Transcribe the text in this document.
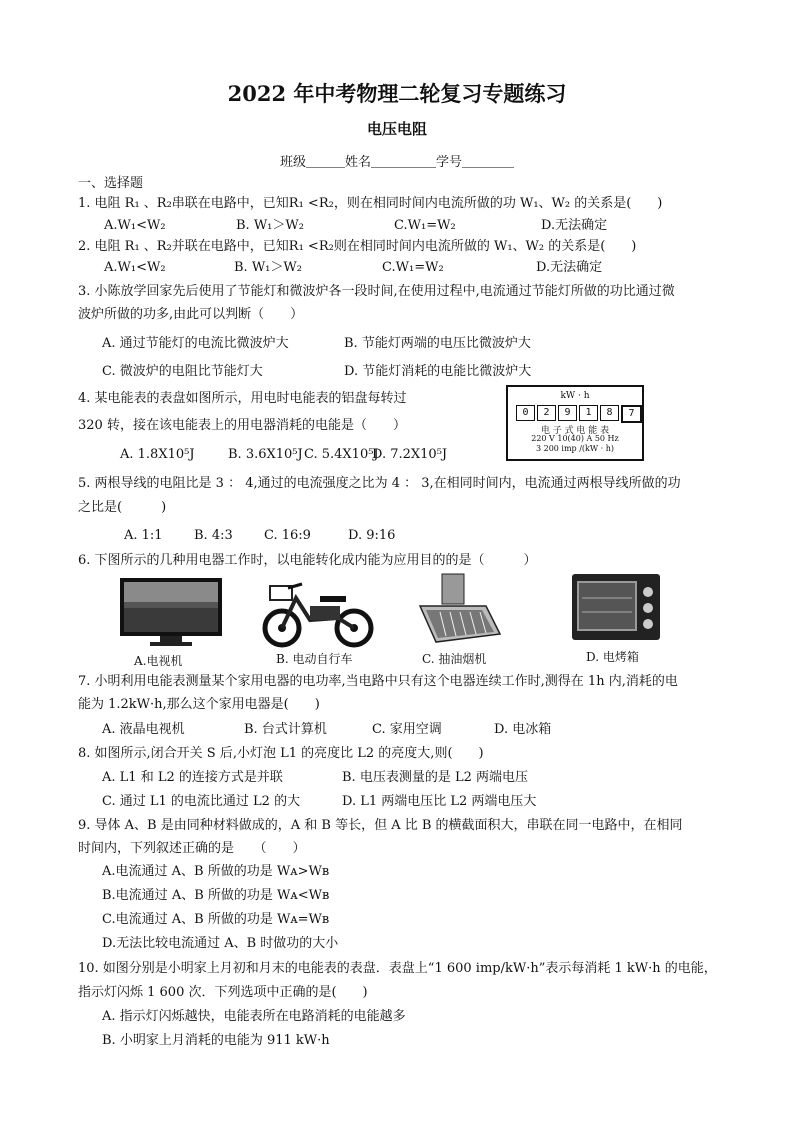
2022 年中考物理二轮复习专题练习
电压电阻
班级＿＿＿姓名＿＿＿＿＿学号＿＿＿＿
一、选择题
1. 电阻 R₁ 、R₂串联在电路中，已知R₁ <R₂，则在相同时间内电流所做的功 W₁、W₂ 的关系是(　　)
A.W₁<W₂	B. W₁＞W₂	C.W₁=W₂	D.无法确定
2. 电阻 R₁ 、R₂并联在电路中，已知R₁ <R₂则在相同时间内电流所做的 W₁、W₂ 的关系是(　　)
A.W₁<W₂	B. W₁＞W₂	C.W₁=W₂	D.无法确定
3. 小陈放学回家先后使用了节能灯和微波炉各一段时间,在使用过程中,电流通过节能灯所做的功比通过微
波炉所做的功多,由此可以判断（　　）
A. 通过节能灯的电流比微波炉大	B. 节能灯两端的电压比微波炉大
C. 微波炉的电阻比节能灯大	D. 节能灯消耗的电能比微波炉大
4. 某电能表的表盘如图所示，用电时电能表的铝盘每转过
320 转，接在该电能表上的用电器消耗的电能是（　　）
A. 1.8X10⁵J	B. 3.6X10⁵J C. 5.4X10⁵J
D. 7.2X10⁵J
kW · h
0	2	9	1	8	7
电 子 式 电 能 表
220 V 10(40) A 50 Hz
3 200 imp /(kW · h)
5. 两根导线的电阻比是 3 ： 4,通过的电流强度之比为 4 ： 3,在相同时间内，电流通过两根导线所做的功
之比是(　　　)
A. 1:1 B. 4:3 C. 16:9	D. 9:16
6. 下图所示的几种用电器工作时，以电能转化成内能为应用目的的是（　　　）
A.电视机	B. 电动自行车	C. 抽油烟机	D. 电烤箱
7. 小明利用电能表测量某个家用电器的电功率,当电路中只有这个电器连续工作时,测得在 1h 内,消耗的电
能为 1.2kW·h,那么这个家用电器是(　　)
A. 液晶电视机	B. 台式计算机	C. 家用空调	D. 电冰箱
8. 如图所示,闭合开关 S 后,小灯泡 L1 的亮度比 L2 的亮度大,则(　　)
A. L1 和 L2 的连接方式是并联	B. 电压表测量的是 L2 两端电压
C. 通过 L1 的电流比通过 L2 的大	D. L1 两端电压比 L2 两端电压大
9. 导体 A、B 是由同种材料做成的，A 和 B 等长，但 A 比 B 的横截面积大，串联在同一电路中，在相同
时间内，下列叙述正确的是　　（　　）
A.电流通过 A、B 所做的功是 Wᴀ>Wʙ
B.电流通过 A、B 所做的功是 Wᴀ<Wʙ
C.电流通过 A、B 所做的功是 Wᴀ=Wʙ
D.无法比较电流通过 A、B 时做功的大小
10. 如图分别是小明家上月初和月末的电能表的表盘．表盘上“1 600 imp/kW·h”表示每消耗 1 kW·h 的电能，
指示灯闪烁 1 600 次．下列选项中正确的是(　　)
A. 指示灯闪烁越快，电能表所在电路消耗的电能越多
B. 小明家上月消耗的电能为 911 kW·h
